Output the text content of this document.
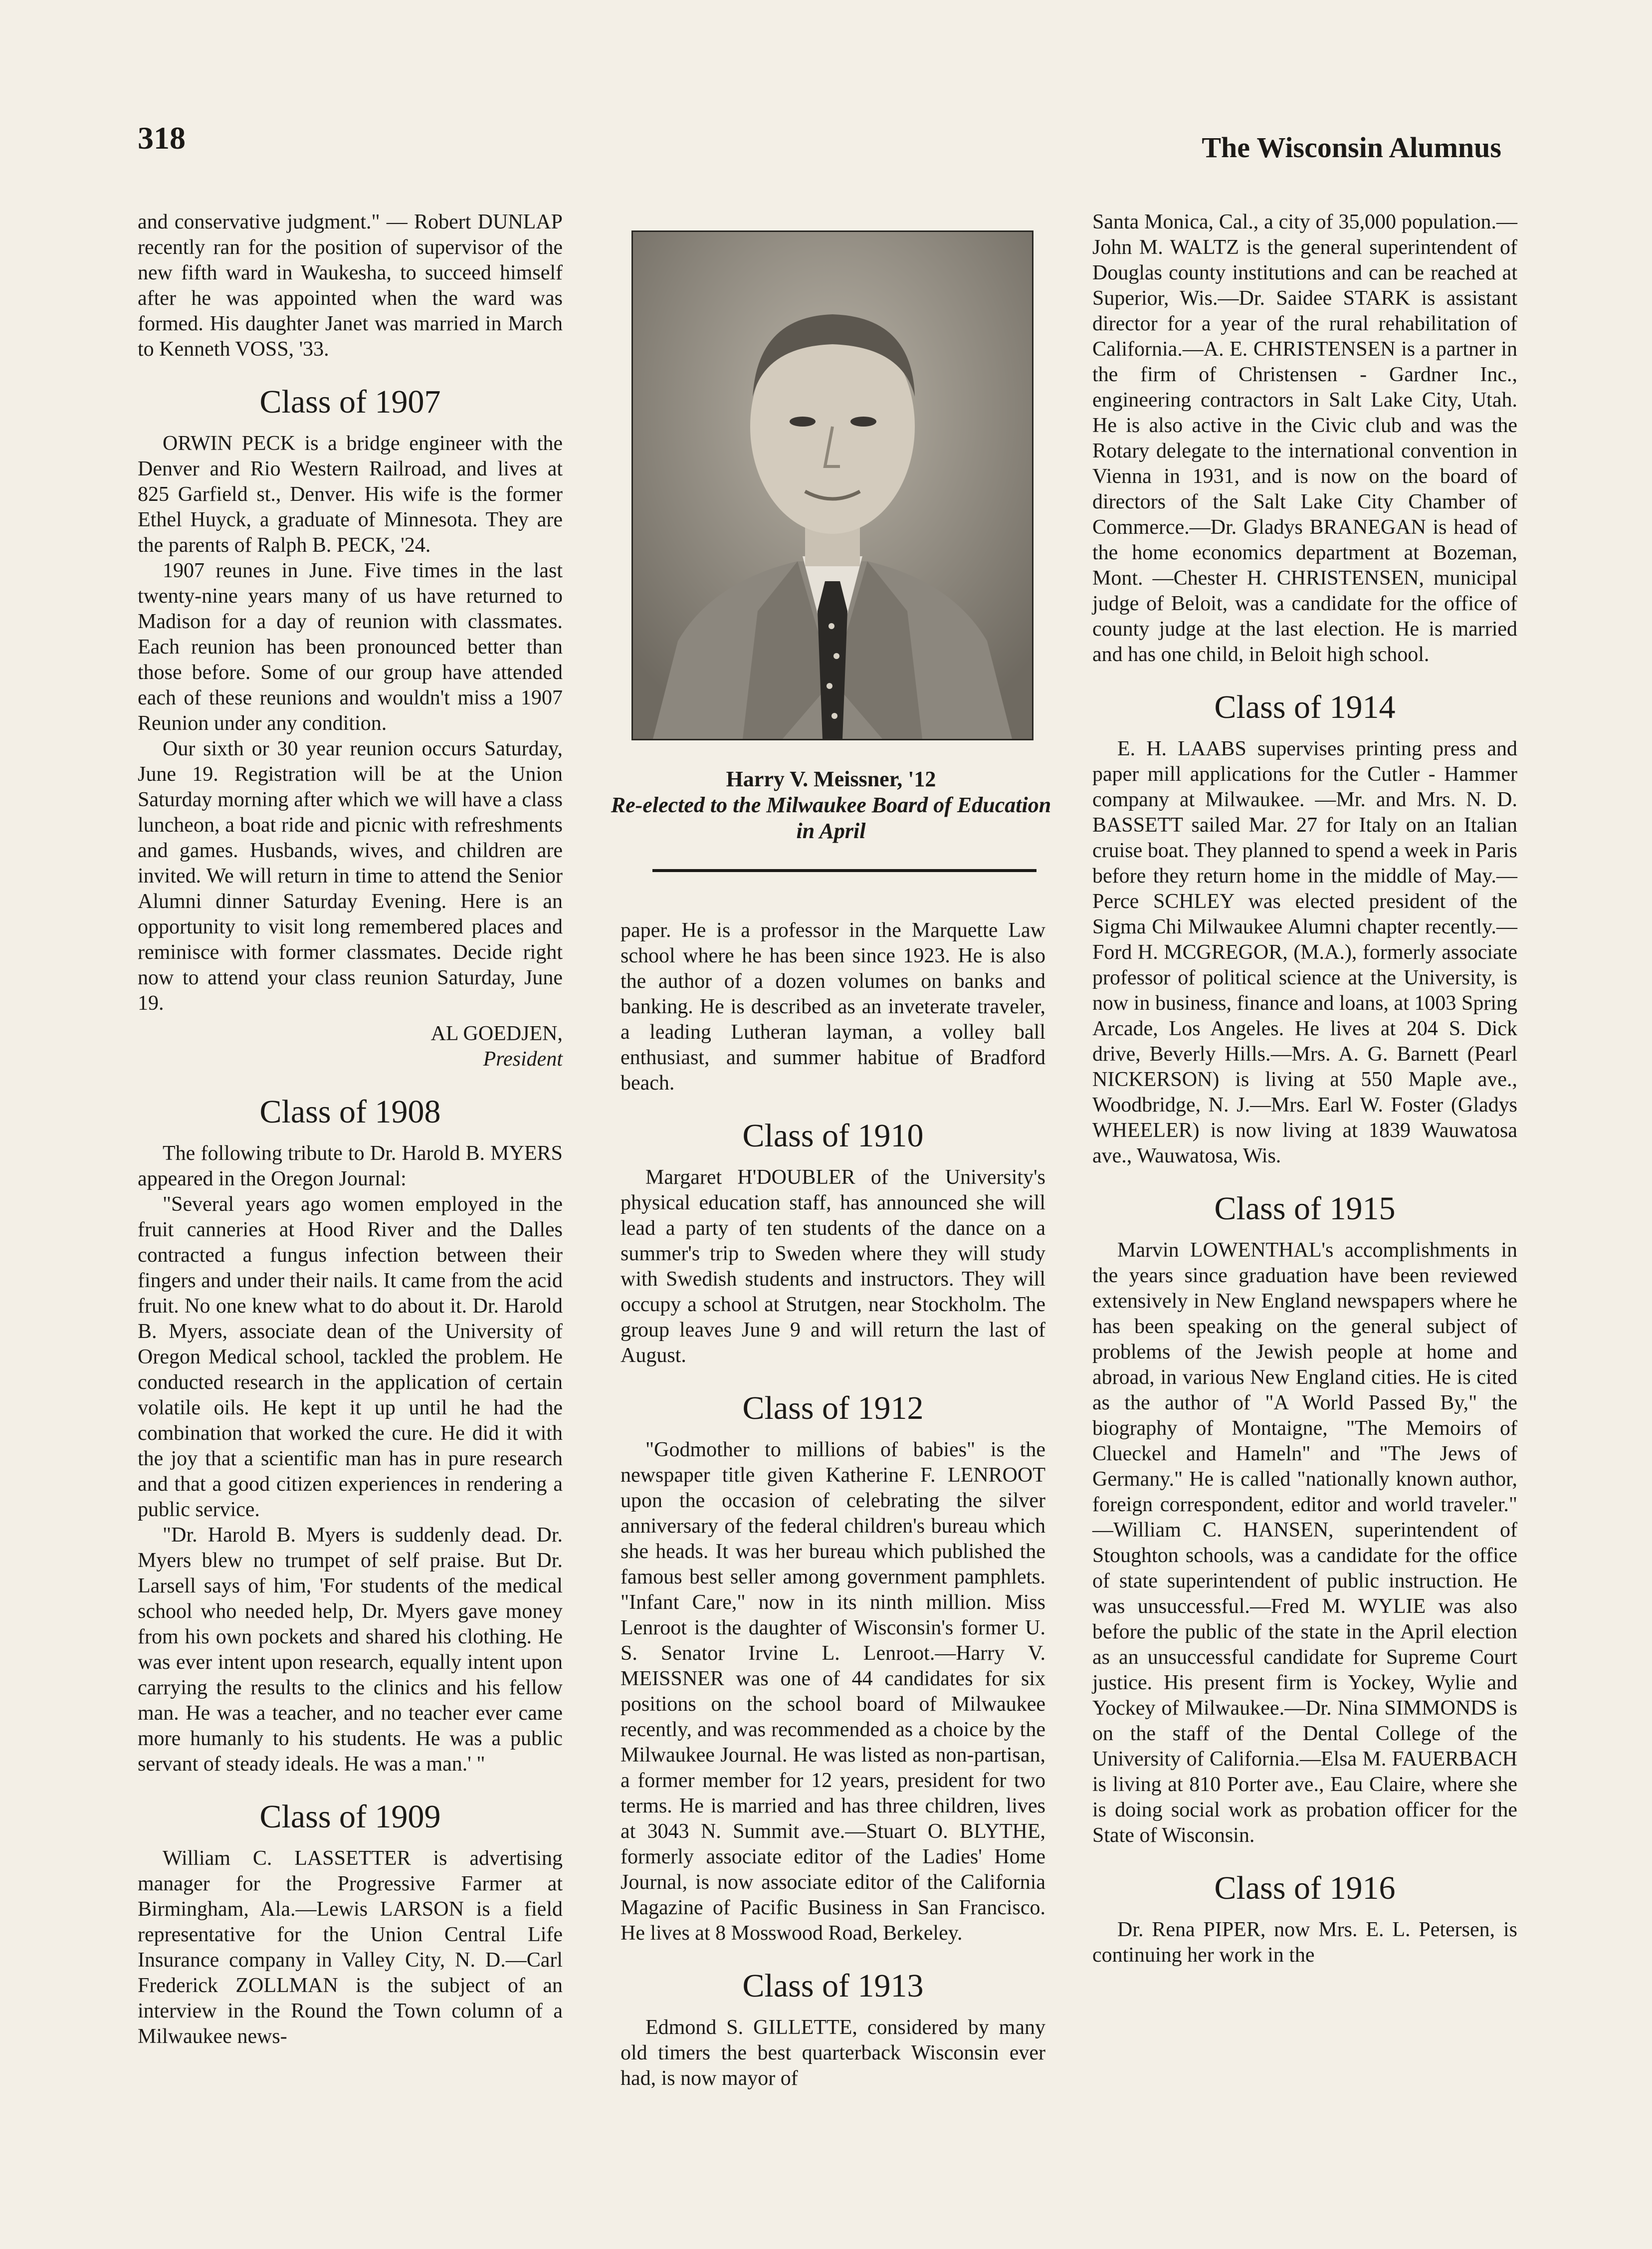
318	The Wisconsin Alumnus

and conservative judgment." — Robert DUNLAP recently ran for the position of supervisor of the new fifth ward in Waukesha, to succeed himself after he was appointed when the ward was formed. His daughter Janet was married in March to Kenneth VOSS, '33.

Class of 1907

ORWIN PECK is a bridge engineer with the Denver and Rio Western Railroad, and lives at 825 Garfield st., Denver. His wife is the former Ethel Huyck, a graduate of Minnesota. They are the parents of Ralph B. PECK, '24.

1907 reunes in June. Five times in the last twenty-nine years many of us have returned to Madison for a day of reunion with classmates. Each reunion has been pronounced better than those before. Some of our group have attended each of these reunions and wouldn't miss a 1907 Reunion under any condition.

Our sixth or 30 year reunion occurs Saturday, June 19. Registration will be at the Union Saturday morning after which we will have a class luncheon, a boat ride and picnic with refreshments and games. Husbands, wives, and children are invited. We will return in time to attend the Senior Alumni dinner Saturday Evening. Here is an opportunity to visit long remembered places and reminisce with former classmates. Decide right now to attend your class reunion Saturday, June 19.

AL GOEDJEN,
President
Class of 1908

The following tribute to Dr. Harold B. MYERS appeared in the Oregon Journal:

"Several years ago women employed in the fruit canneries at Hood River and the Dalles contracted a fungus infection between their fingers and under their nails. It came from the acid fruit. No one knew what to do about it. Dr. Harold B. Myers, associate dean of the University of Oregon Medical school, tackled the problem. He conducted research in the application of certain volatile oils. He kept it up until he had the combination that worked the cure. He did it with the joy that a scientific man has in pure research and that a good citizen experiences in rendering a public service.

"Dr. Harold B. Myers is suddenly dead. Dr. Myers blew no trumpet of self praise. But Dr. Larsell says of him, 'For students of the medical school who needed help, Dr. Myers gave money from his own pockets and shared his clothing. He was ever intent upon research, equally intent upon carrying the results to the clinics and his fellow man. He was a teacher, and no teacher ever came more humanly to his students. He was a public servant of steady ideals. He was a man.' "

Class of 1909

William C. LASSETTER is advertising manager for the Progressive Farmer at Birmingham, Ala.—Lewis LARSON is a field representative for the Union Central Life Insurance company in Valley City, N. D.—Carl Frederick ZOLLMAN is the subject of an interview in the Round the Town column of a Milwaukee news-

Harry V. Meissner, '12
Re-elected to the Milwaukee Board of Education in April

paper. He is a professor in the Marquette Law school where he has been since 1923. He is also the author of a dozen volumes on banks and banking. He is described as an inveterate traveler, a leading Lutheran layman, a volley ball enthusiast, and summer habitue of Bradford beach.

Class of 1910

Margaret H'DOUBLER of the University's physical education staff, has announced she will lead a party of ten students of the dance on a summer's trip to Sweden where they will study with Swedish students and instructors. They will occupy a school at Strutgen, near Stockholm. The group leaves June 9 and will return the last of August.

Class of 1912

"Godmother to millions of babies" is the newspaper title given Katherine F. LENROOT upon the occasion of celebrating the silver anniversary of the federal children's bureau which she heads. It was her bureau which published the famous best seller among government pamphlets. "Infant Care," now in its ninth million. Miss Lenroot is the daughter of Wisconsin's former U. S. Senator Irvine L. Lenroot.—Harry V. MEISSNER was one of 44 candidates for six positions on the school board of Milwaukee recently, and was recommended as a choice by the Milwaukee Journal. He was listed as non-partisan, a former member for 12 years, president for two terms. He is married and has three children, lives at 3043 N. Summit ave.—Stuart O. BLYTHE, formerly associate editor of the Ladies' Home Journal, is now associate editor of the California Magazine of Pacific Business in San Francisco. He lives at 8 Mosswood Road, Berkeley.

Class of 1913

Edmond S. GILLETTE, considered by many old timers the best quarterback Wisconsin ever had, is now mayor of

Santa Monica, Cal., a city of 35,000 population.—John M. WALTZ is the general superintendent of Douglas county institutions and can be reached at Superior, Wis.—Dr. Saidee STARK is assistant director for a year of the rural rehabilitation of California.—A. E. CHRISTENSEN is a partner in the firm of Christensen - Gardner Inc., engineering contractors in Salt Lake City, Utah. He is also active in the Civic club and was the Rotary delegate to the international convention in Vienna in 1931, and is now on the board of directors of the Salt Lake City Chamber of Commerce.—Dr. Gladys BRANEGAN is head of the home economics department at Bozeman, Mont. —Chester H. CHRISTENSEN, municipal judge of Beloit, was a candidate for the office of county judge at the last election. He is married and has one child, in Beloit high school.

Class of 1914

E. H. LAABS supervises printing press and paper mill applications for the Cutler - Hammer company at Milwaukee. —Mr. and Mrs. N. D. BASSETT sailed Mar. 27 for Italy on an Italian cruise boat. They planned to spend a week in Paris before they return home in the middle of May.—Perce SCHLEY was elected president of the Sigma Chi Milwaukee Alumni chapter recently.—Ford H. MCGREGOR, (M.A.), formerly associate professor of political science at the University, is now in business, finance and loans, at 1003 Spring Arcade, Los Angeles. He lives at 204 S. Dick drive, Beverly Hills.—Mrs. A. G. Barnett (Pearl NICKERSON) is living at 550 Maple ave., Woodbridge, N. J.—Mrs. Earl W. Foster (Gladys WHEELER) is now living at 1839 Wauwatosa ave., Wauwatosa, Wis.

Class of 1915

Marvin LOWENTHAL's accomplishments in the years since graduation have been reviewed extensively in New England newspapers where he has been speaking on the general subject of problems of the Jewish people at home and abroad, in various New England cities. He is cited as the author of "A World Passed By," the biography of Montaigne, "The Memoirs of Clueckel and Hameln" and "The Jews of Germany." He is called "nationally known author, foreign correspondent, editor and world traveler." —William C. HANSEN, superintendent of Stoughton schools, was a candidate for the office of state superintendent of public instruction. He was unsuccessful.—Fred M. WYLIE was also before the public of the state in the April election as an unsuccessful candidate for Supreme Court justice. His present firm is Yockey, Wylie and Yockey of Milwaukee.—Dr. Nina SIMMONDS is on the staff of the Dental College of the University of California.—Elsa M. FAUERBACH is living at 810 Porter ave., Eau Claire, where she is doing social work as probation officer for the State of Wisconsin.

Class of 1916

Dr. Rena PIPER, now Mrs. E. L. Petersen, is continuing her work in the
